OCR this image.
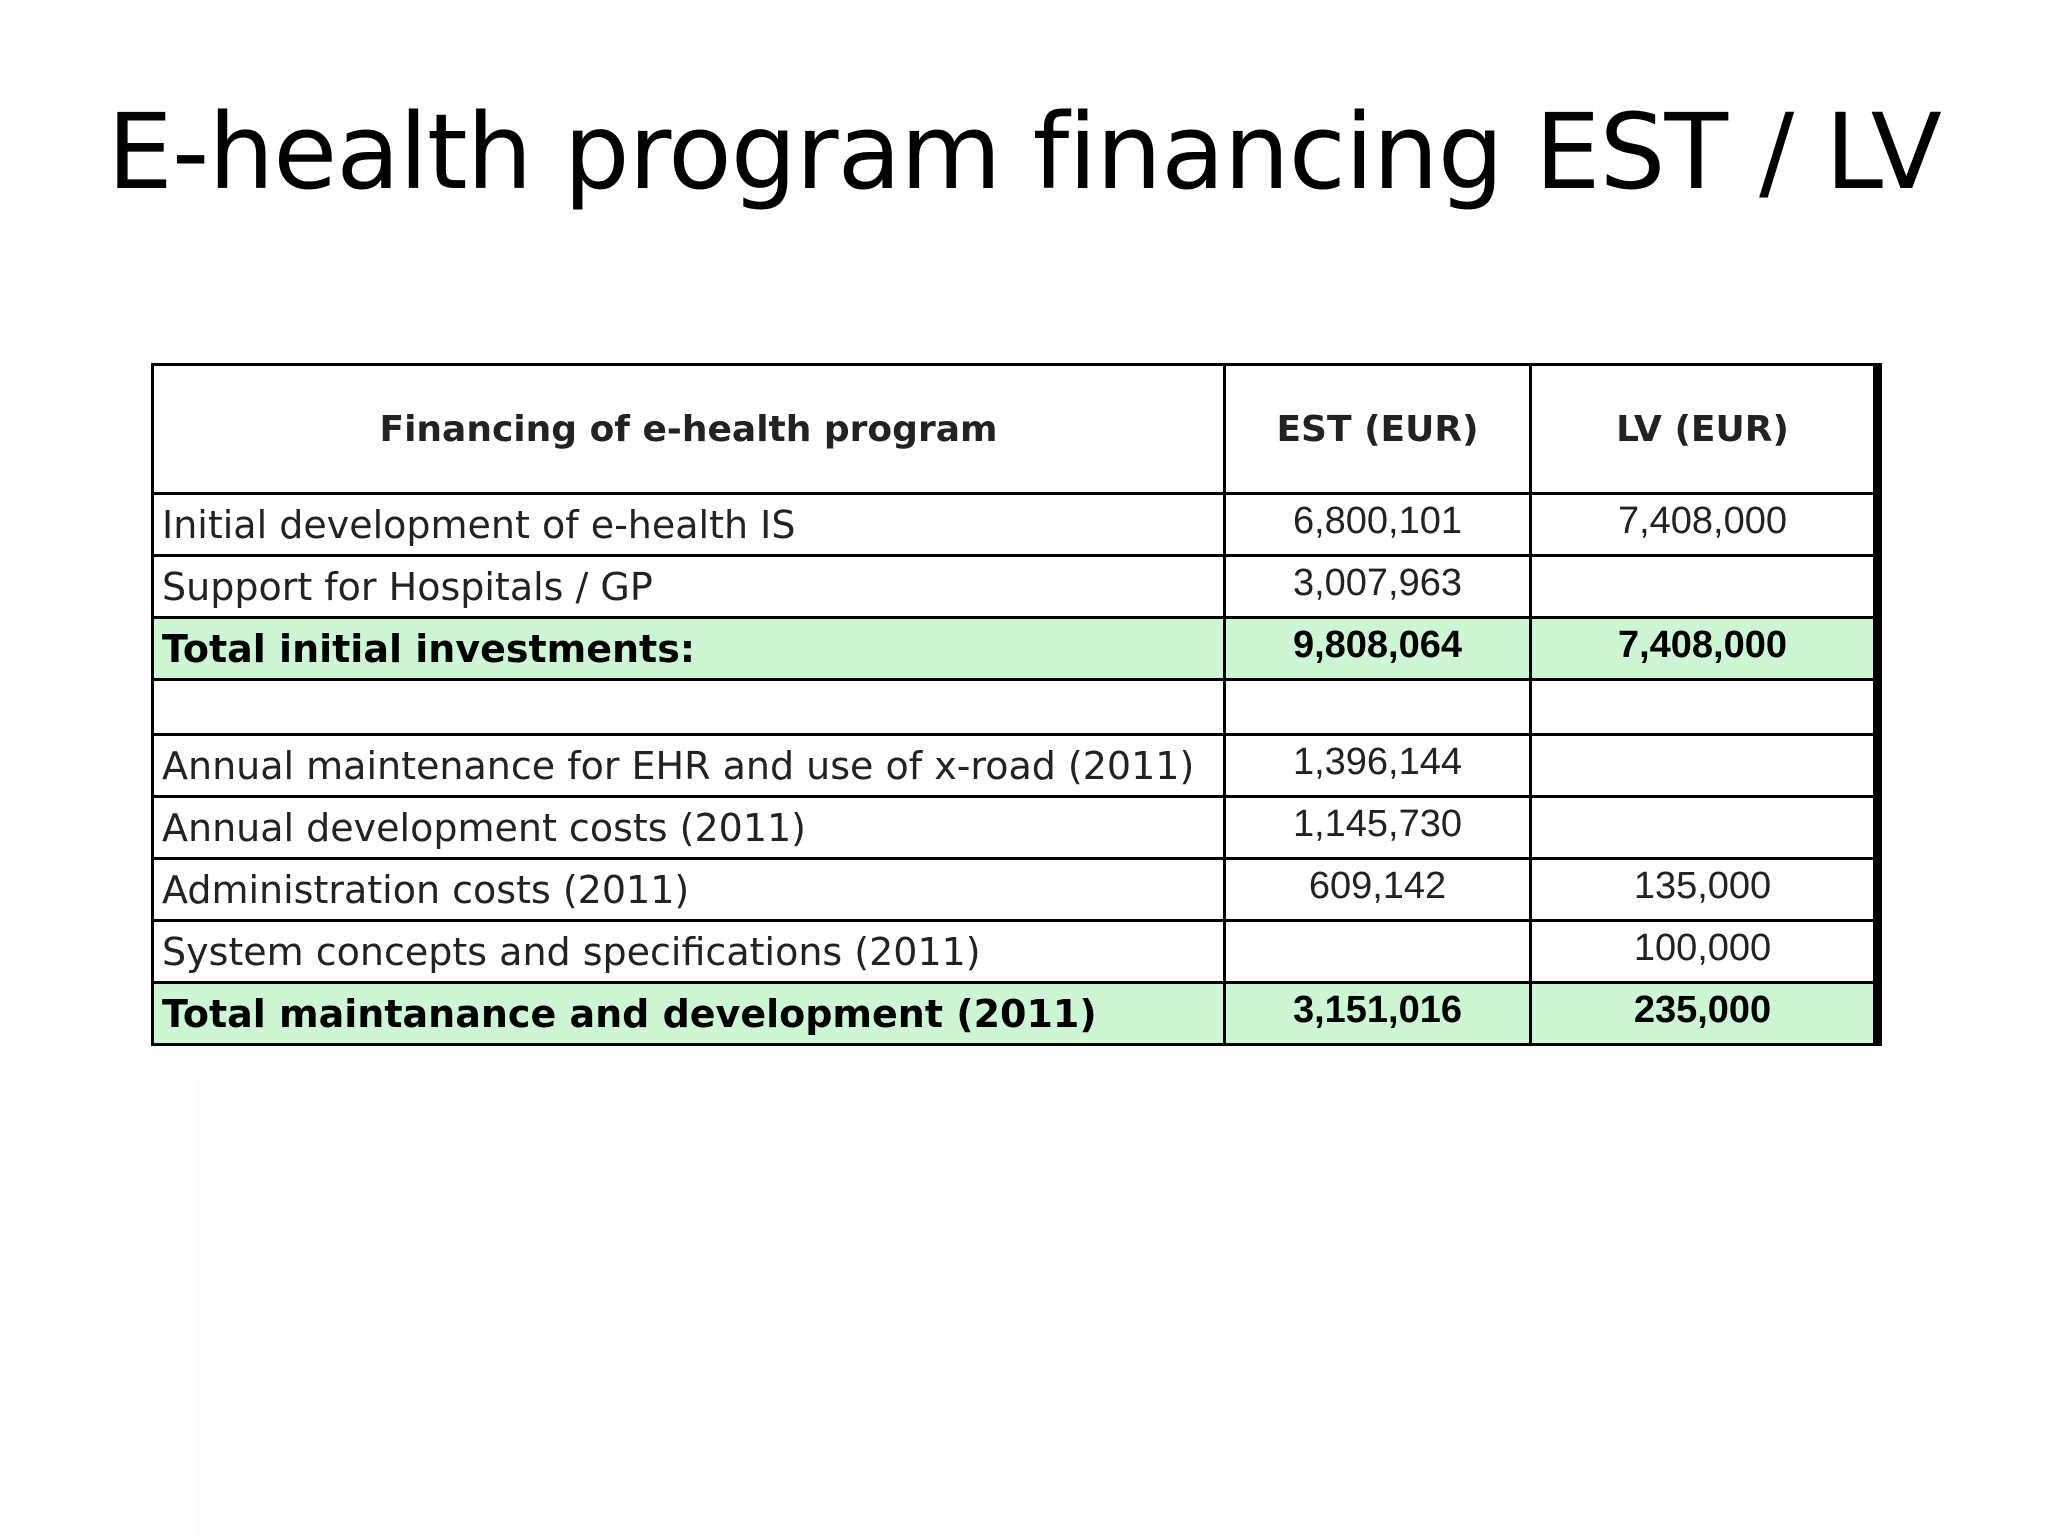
E-health program financing EST / LV
Financing of e-health program	EST (EUR)	LV (EUR)
Initial development of e-health IS	6,800,101	7,408,000
Support for Hospitals / GP	3,007,963	
Total initial investments:	9,808,064	7,408,000

Annual maintenance for EHR and use of x-road (2011)	1,396,144	
Annual development costs (2011)	1,145,730	
Administration costs (2011)	609,142	135,000
System concepts and specifications (2011)		100,000
Total maintanance and development (2011)	3,151,016	235,000
